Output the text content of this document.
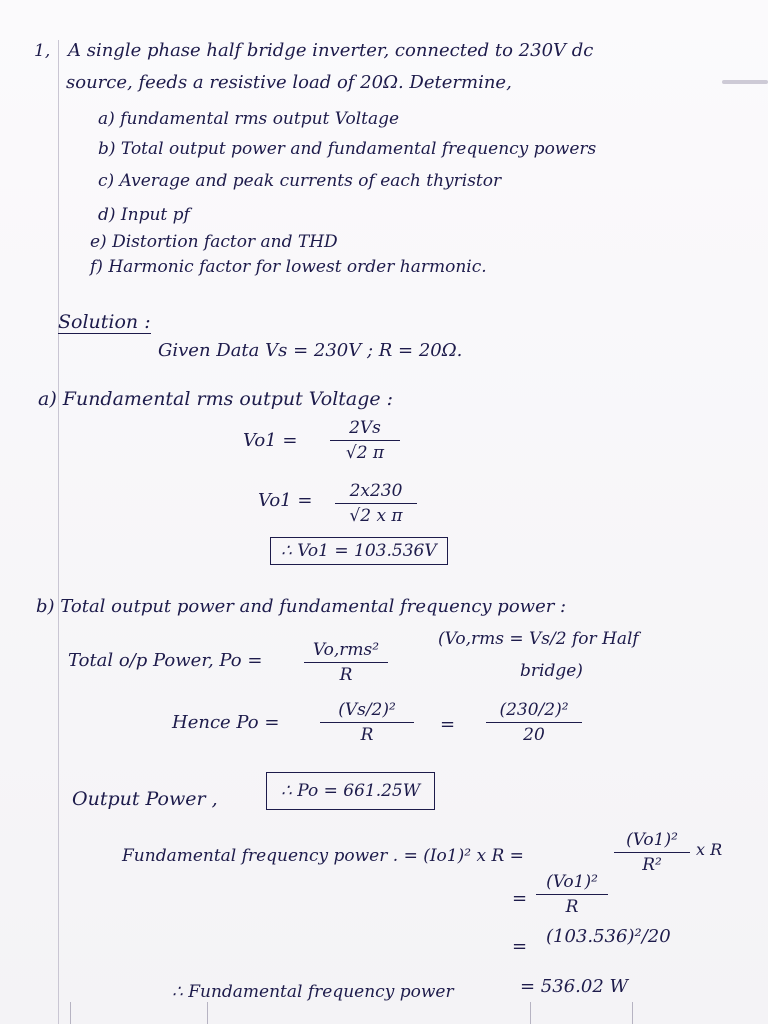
1, A single phase half bridge inverter, connected to 230V dc
source, feeds a resistive load of 20Ω. Determine,
a) fundamental rms output Voltage
b) Total output power and fundamental frequency powers
c) Average and peak currents of each thyristor
d) Input pf
e) Distortion factor and THD
f) Harmonic factor for lowest order harmonic.
Solution :
Given Data Vs = 230V ; R = 20Ω.
a) Fundamental rms output Voltage :
$Vo1 = \frac{2Vs}{√2 \pi}$
$Vo1 = \frac{2x230}{\text{√2 x π}}$
∴ Vo1 = 103.536V
b) Total output power and fundamental frequency power :
Total o/p Power, Po =	Vo,rms²
R
(Vo,rms = Vs/2 for Half
bridge)
Hence $Po = \frac{\text{(Vs/2)²}}{R} = \frac{\text{(230/2)²}}{20}$
Output Power ,	∴ Po = 661.25W
Fundamental frequency power . = (Io1)² x R =	$\frac{\text{(Vo1)²}}{\text{R²}}$ x R
= $\frac{\text{(Vo1)²}}{R}$
= (103.536)²/20
∴ Fundamental frequency power	= 536.02 W
